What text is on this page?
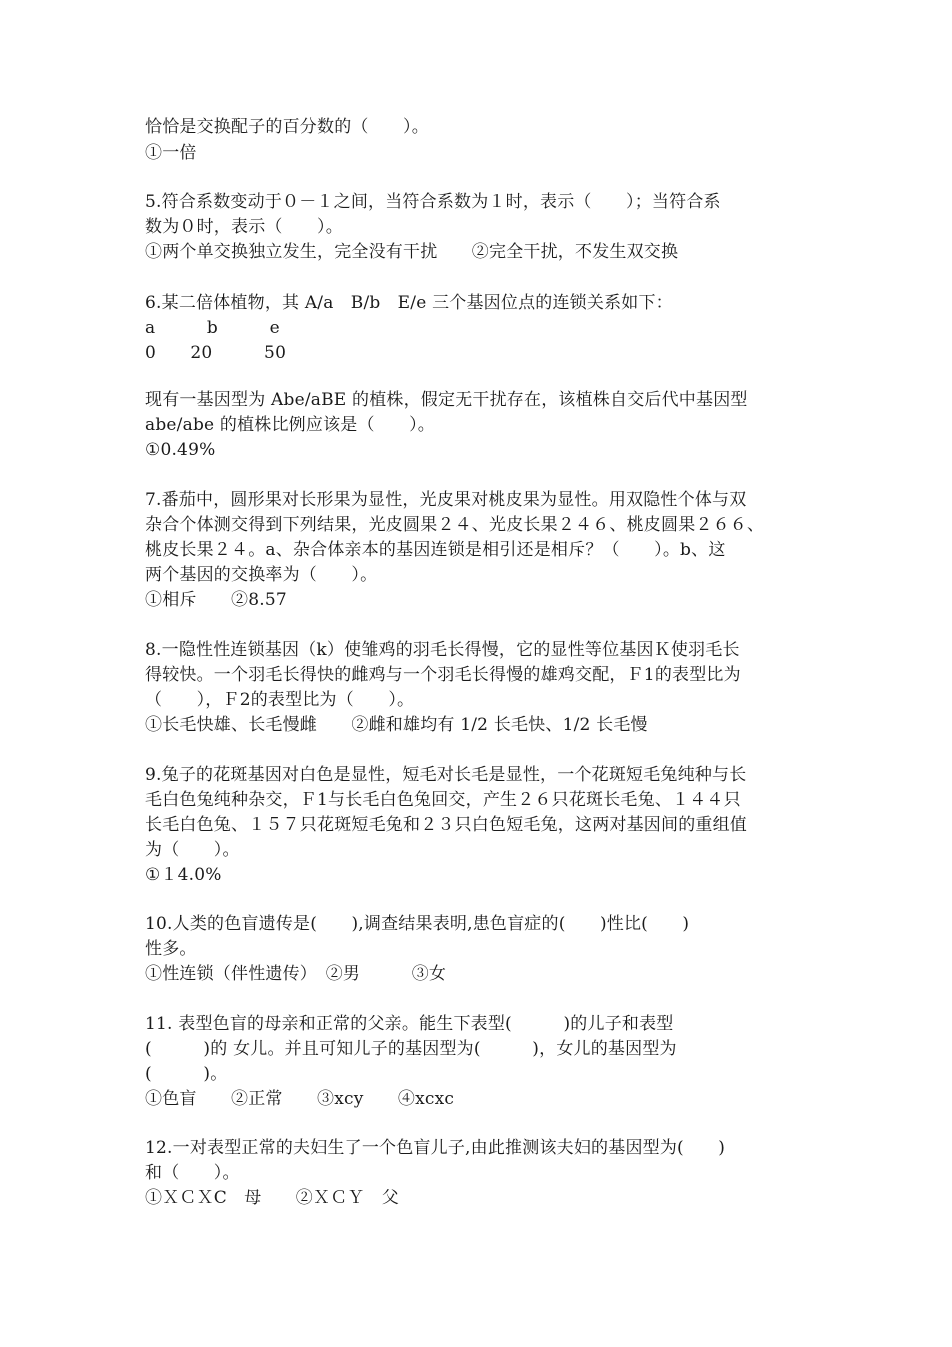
恰恰是交换配子的百分数的（　　）。
①一倍
5.符合系数变动于０－１之间，当符合系数为１时，表示（　　）；当符合系
数为０时，表示（　　）。
①两个单交换独立发生，完全没有干扰　　②完全干扰，不发生双交换
6.某二倍体植物，其 A/a　B/b　E/e 三个基因位点的连锁关系如下：
a　　　b　　　e
0　　20　　　50
现有一基因型为 Abe/aBE 的植株，假定无干扰存在，该植株自交后代中基因型
abe/abe 的植株比例应该是（　　）。
①0.49%
7.番茄中，圆形果对长形果为显性，光皮果对桃皮果为显性。用双隐性个体与双
杂合个体测交得到下列结果，光皮圆果２４、光皮长果２４６、桃皮圆果２６６、
桃皮长果２４。a、杂合体亲本的基因连锁是相引还是相斥？（　　）。b、这
两个基因的交换率为（　　）。
①相斥　　②8.57
8.一隐性性连锁基因（k）使雏鸡的羽毛长得慢，它的显性等位基因Ｋ使羽毛长
得较快。一个羽毛长得快的雌鸡与一个羽毛长得慢的雄鸡交配，Ｆ1的表型比为
（　　），Ｆ2的表型比为（　　）。
①长毛快雄、长毛慢雌　　②雌和雄均有 1/2 长毛快、1/2 长毛慢
9.兔子的花斑基因对白色是显性，短毛对长毛是显性，一个花斑短毛兔纯种与长
毛白色兔纯种杂交，Ｆ1与长毛白色兔回交，产生２６只花斑长毛兔、１４４只
长毛白色兔、１５７只花斑短毛兔和２３只白色短毛兔，这两对基因间的重组值
为（　　）。
①１4.0%
10.人类的色盲遗传是(　　),调查结果表明,患色盲症的(　　)性比(　　)
性多。
①性连锁（伴性遗传）　②男　　　③女
11. 表型色盲的母亲和正常的父亲。能生下表型(　　　)的儿子和表型
(　　　)的 女儿。并且可知儿子的基因型为(　　　)，女儿的基因型为
(　　　)。
①色盲　　②正常　　③xcy　　④xcxc
12.一对表型正常的夫妇生了一个色盲儿子,由此推测该夫妇的基因型为(　　)
和（　　）。
①ＸＣＸC　母　　②ＸＣＹ　父
